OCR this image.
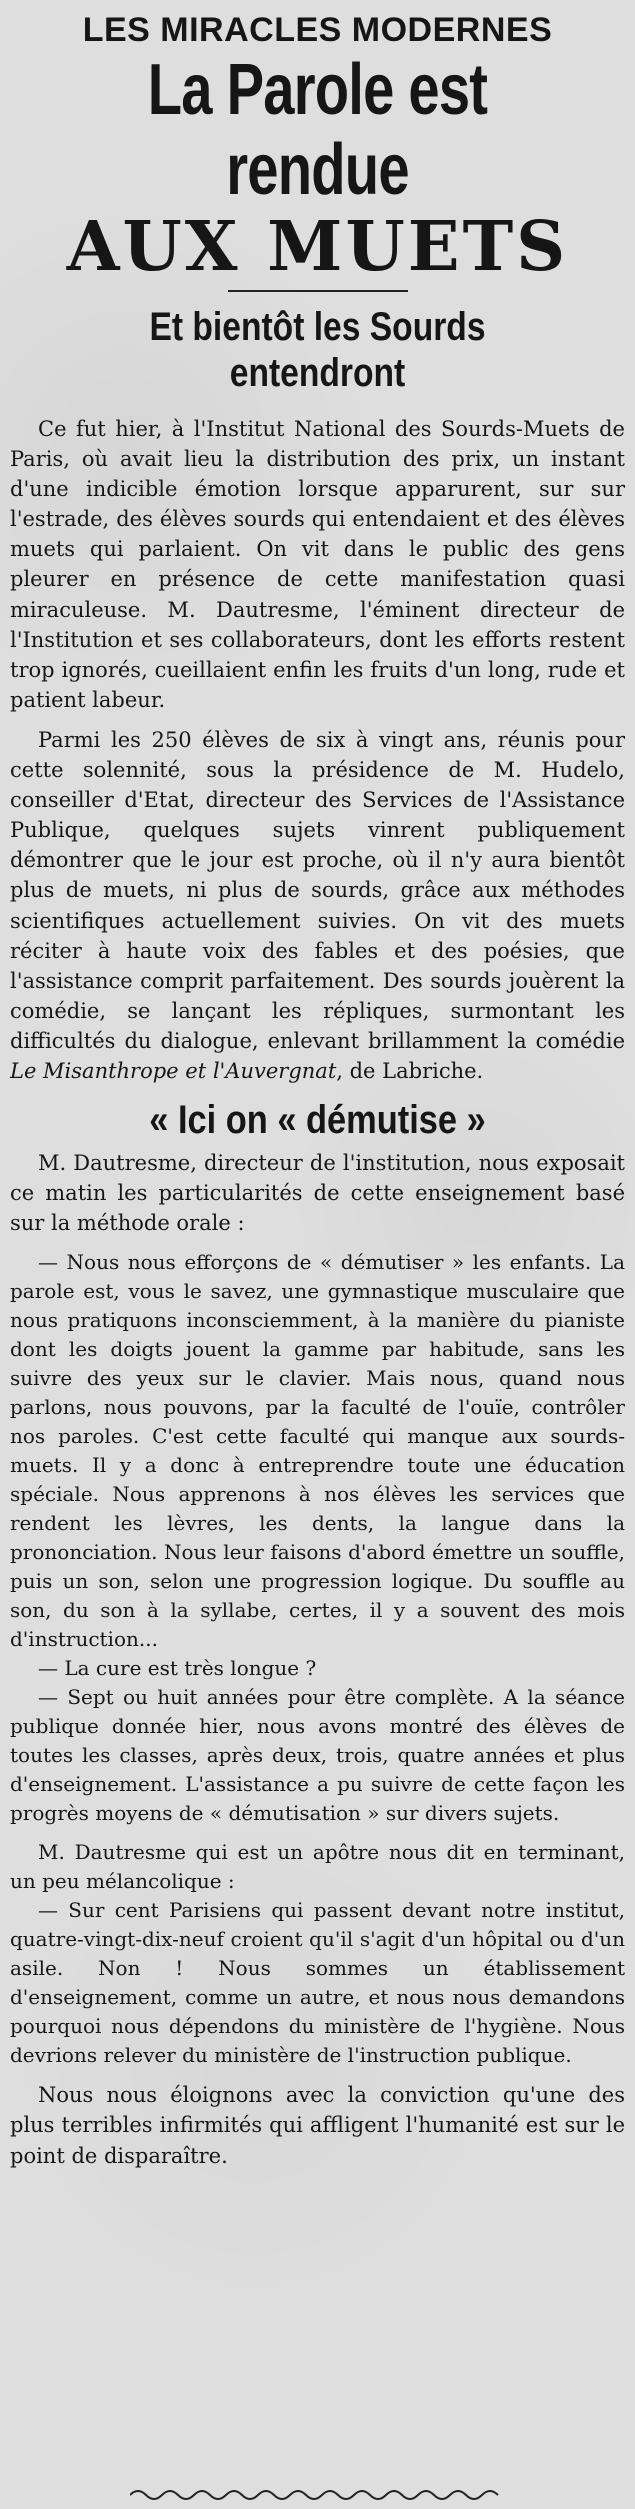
LES MIRACLES MODERNES
La Parole est rendue
AUX MUETS
Et bientôt les Sourds entendront

Ce fut hier, à l'Institut National des Sourds-Muets de Paris, où avait lieu la distribution des prix, un instant d'une indicible émotion lorsque apparurent, sur sur l'estrade, des élèves sourds qui entendaient et des élèves muets qui parlaient. On vit dans le public des gens pleurer en présence de cette manifestation quasi miraculeuse. M. Dautresme, l'éminent directeur de l'Institution et ses collaborateurs, dont les efforts restent trop ignorés, cueillaient enfin les fruits d'un long, rude et patient labeur.

Parmi les 250 élèves de six à vingt ans, réunis pour cette solennité, sous la présidence de M. Hudelo, conseiller d'Etat, directeur des Services de l'Assistance Publique, quelques sujets vinrent publiquement démontrer que le jour est proche, où il n'y aura bientôt plus de muets, ni plus de sourds, grâce aux méthodes scientifiques actuellement suivies. On vit des muets réciter à haute voix des fables et des poésies, que l'assistance comprit parfaitement. Des sourds jouèrent la comédie, se lançant les répliques, surmontant les difficultés du dialogue, enlevant brillamment la comédie Le Misanthrope et l'Auvergnat, de Labriche.

« Ici on « démutise »

M. Dautresme, directeur de l'institution, nous exposait ce matin les particularités de cette enseignement basé sur la méthode orale :

— Nous nous efforçons de « démutiser » les enfants. La parole est, vous le savez, une gymnastique musculaire que nous pratiquons inconsciemment, à la manière du pianiste dont les doigts jouent la gamme par habitude, sans les suivre des yeux sur le clavier. Mais nous, quand nous parlons, nous pouvons, par la faculté de l'ouïe, contrôler nos paroles. C'est cette faculté qui manque aux sourds-muets. Il y a donc à entreprendre toute une éducation spéciale. Nous apprenons à nos élèves les services que rendent les lèvres, les dents, la langue dans la prononciation. Nous leur faisons d'abord émettre un souffle, puis un son, selon une progression logique. Du souffle au son, du son à la syllabe, certes, il y a souvent des mois d'instruction...

— La cure est très longue ?

— Sept ou huit années pour être complète. A la séance publique donnée hier, nous avons montré des élèves de toutes les classes, après deux, trois, quatre années et plus d'enseignement. L'assistance a pu suivre de cette façon les progrès moyens de « démutisation » sur divers sujets.

M. Dautresme qui est un apôtre nous dit en terminant, un peu mélancolique :

— Sur cent Parisiens qui passent devant notre institut, quatre-vingt-dix-neuf croient qu'il s'agit d'un hôpital ou d'un asile. Non ! Nous sommes un établissement d'enseignement, comme un autre, et nous nous demandons pourquoi nous dépendons du ministère de l'hygiène. Nous devrions relever du ministère de l'instruction publique.

Nous nous éloignons avec la conviction qu'une des plus terribles infirmités qui affligent l'humanité est sur le point de disparaître.
